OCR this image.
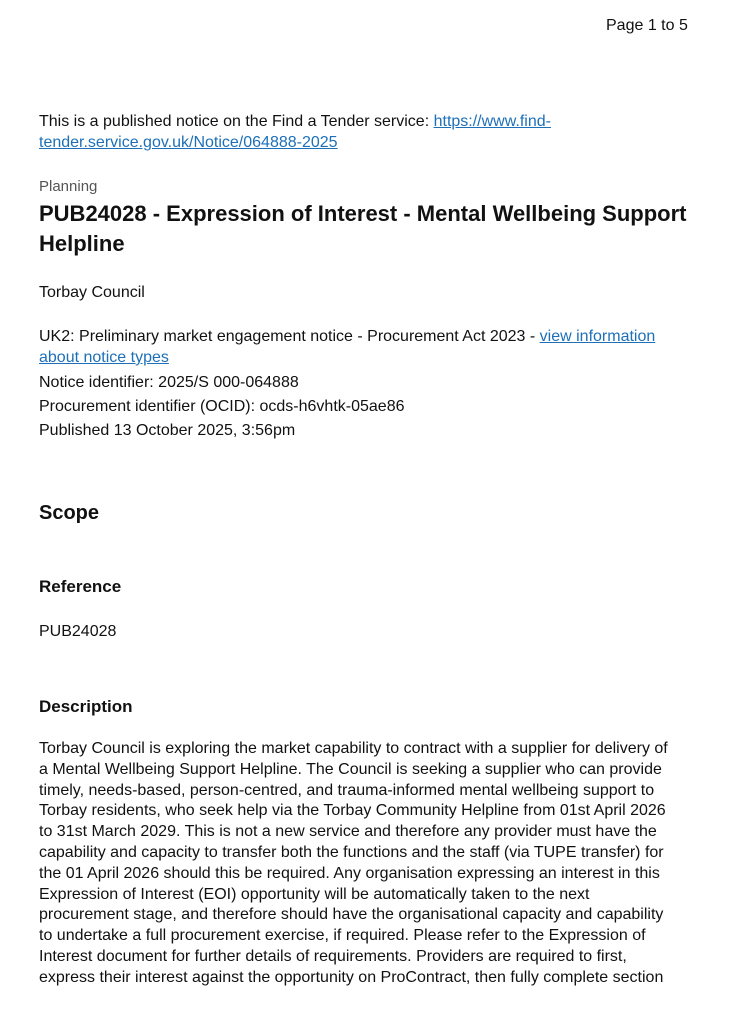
Page 1 to 5
This is a published notice on the Find a Tender service: https://www.find-tender.service.gov.uk/Notice/064888-2025
Planning
PUB24028 - Expression of Interest - Mental Wellbeing Support Helpline
Torbay Council
UK2: Preliminary market engagement notice - Procurement Act 2023 - view information about notice types
Notice identifier: 2025/S 000-064888
Procurement identifier (OCID): ocds-h6vhtk-05ae86
Published 13 October 2025, 3:56pm
Scope
Reference
PUB24028
Description

Torbay Council is exploring the market capability to contract with a supplier for delivery of
a Mental Wellbeing Support Helpline. The Council is seeking a supplier who can provide
timely, needs-based, person-centred, and trauma-informed mental wellbeing support to
Torbay residents, who seek help via the Torbay Community Helpline from 01st April 2026
to 31st March 2029. This is not a new service and therefore any provider must have the
capability and capacity to transfer both the functions and the staff (via TUPE transfer) for
the 01 April 2026 should this be required. Any organisation expressing an interest in this
Expression of Interest (EOI) opportunity will be automatically taken to the next
procurement stage, and therefore should have the organisational capacity and capability
to undertake a full procurement exercise, if required. Please refer to the Expression of
Interest document for further details of requirements. Providers are required to first,
express their interest against the opportunity on ProContract, then fully complete section
